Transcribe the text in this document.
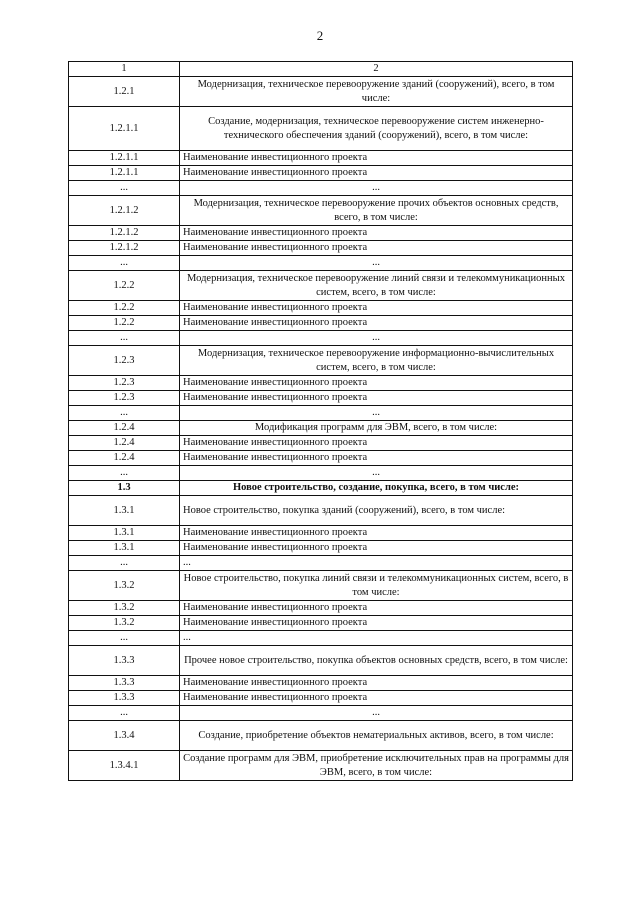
2
1	2
1.2.1	Модернизация, техническое перевооружение зданий (сооружений), всего, в том числе:
1.2.1.1	Создание, модернизация, техническое перевооружение систем инженерно-технического обеспечения зданий (сооружений), всего, в том числе:
1.2.1.1	Наименование инвестиционного проекта
1.2.1.1	Наименование инвестиционного проекта
...	...
1.2.1.2	Модернизация, техническое перевооружение прочих объектов основных средств, всего, в том числе:
1.2.1.2	Наименование инвестиционного проекта
1.2.1.2	Наименование инвестиционного проекта
...	...
1.2.2	Модернизация, техническое перевооружение линий связи и телекоммуникационных систем, всего, в том числе:
1.2.2	Наименование инвестиционного проекта
1.2.2	Наименование инвестиционного проекта
...	...
1.2.3	Модернизация, техническое перевооружение информационно-вычислительных систем, всего, в том числе:
1.2.3	Наименование инвестиционного проекта
1.2.3	Наименование инвестиционного проекта
...	...
1.2.4	Модификация программ для ЭВМ, всего, в том числе:
1.2.4	Наименование инвестиционного проекта
1.2.4	Наименование инвестиционного проекта
...	...
1.3	Новое строительство, создание, покупка, всего, в том числе:
1.3.1	Новое строительство, покупка зданий (сооружений), всего, в том числе:
1.3.1	Наименование инвестиционного проекта
1.3.1	Наименование инвестиционного проекта
...	...
1.3.2	Новое строительство, покупка линий связи и телекоммуникационных систем, всего, в том числе:
1.3.2	Наименование инвестиционного проекта
1.3.2	Наименование инвестиционного проекта
...	...
1.3.3	Прочее новое строительство, покупка объектов основных средств, всего, в том числе:
1.3.3	Наименование инвестиционного проекта
1.3.3	Наименование инвестиционного проекта
...	...
1.3.4	Создание, приобретение объектов нематериальных активов, всего, в том числе:
1.3.4.1	Создание программ для ЭВМ, приобретение исключительных прав на программы для ЭВМ, всего, в том числе:
